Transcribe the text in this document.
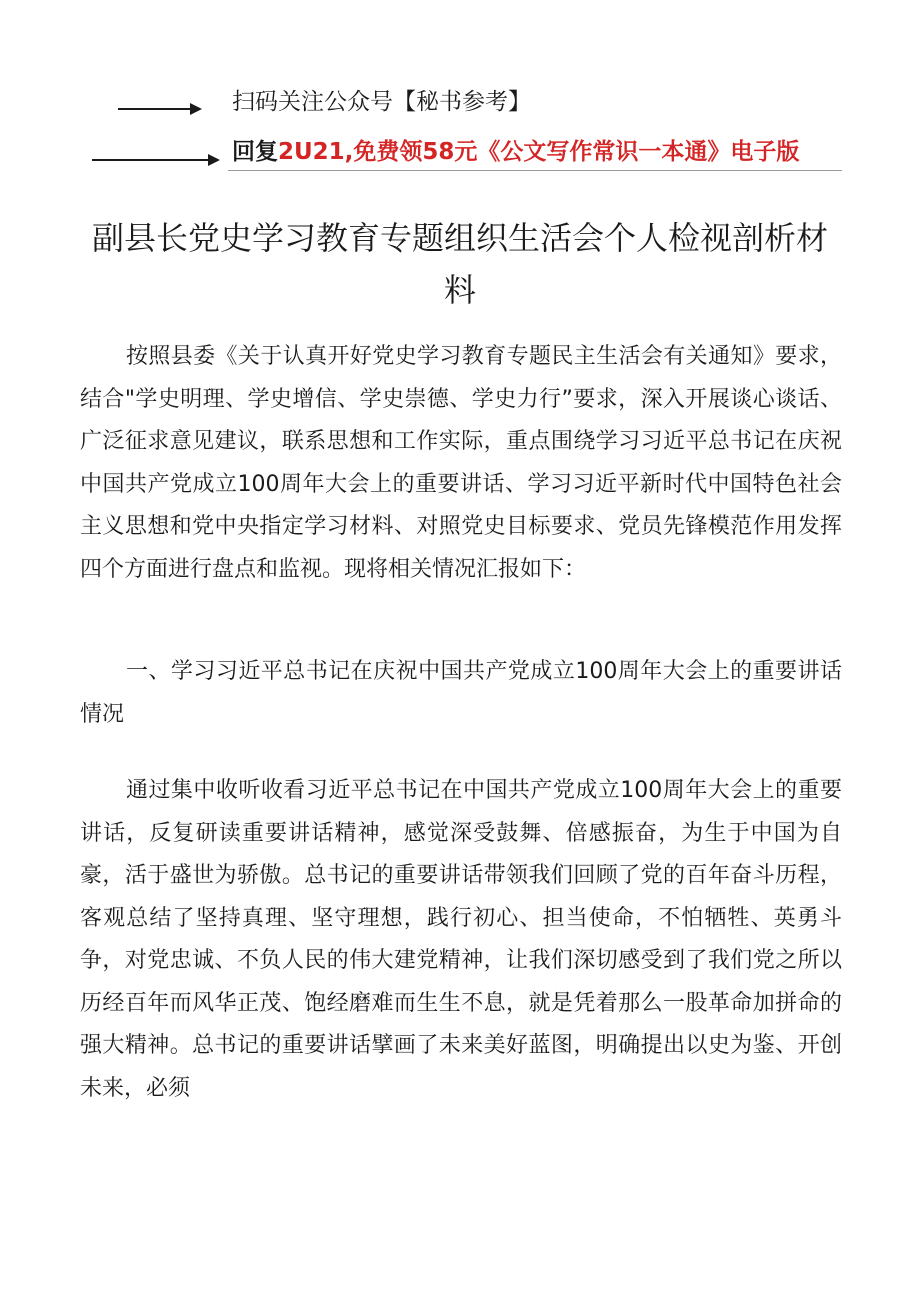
扫码关注公众号【秘书参考】
回复2U21,免费领58元《公文写作常识一本通》电子版
副县长党史学习教育专题组织生活会个人检视剖析材料

按照县委《关于认真开好党史学习教育专题民主生活会有关通知》要求，结合"学史明理、学史增信、学史崇德、学史力行”要求，深入开展谈心谈话、广泛征求意见建议，联系思想和工作实际，重点围绕学习习近平总书记在庆祝中国共产党成立100周年大会上的重要讲话、学习习近平新时代中国特色社会主义思想和党中央指定学习材料、对照党史目标要求、党员先锋模范作用发挥四个方面进行盘点和监视。现将相关情况汇报如下：

一、学习习近平总书记在庆祝中国共产党成立100周年大会上的重要讲话情况

通过集中收听收看习近平总书记在中国共产党成立100周年大会上的重要讲话，反复研读重要讲话精神，感觉深受鼓舞、倍感振奋，为生于中国为自豪，活于盛世为骄傲。总书记的重要讲话带领我们回顾了党的百年奋斗历程，客观总结了坚持真理、坚守理想，践行初心、担当使命，不怕牺牲、英勇斗争，对党忠诚、不负人民的伟大建党精神，让我们深切感受到了我们党之所以历经百年而风华正茂、饱经磨难而生生不息，就是凭着那么一股革命加拼命的强大精神。总书记的重要讲话擘画了未来美好蓝图，明确提出以史为鉴、开创未来，必须
